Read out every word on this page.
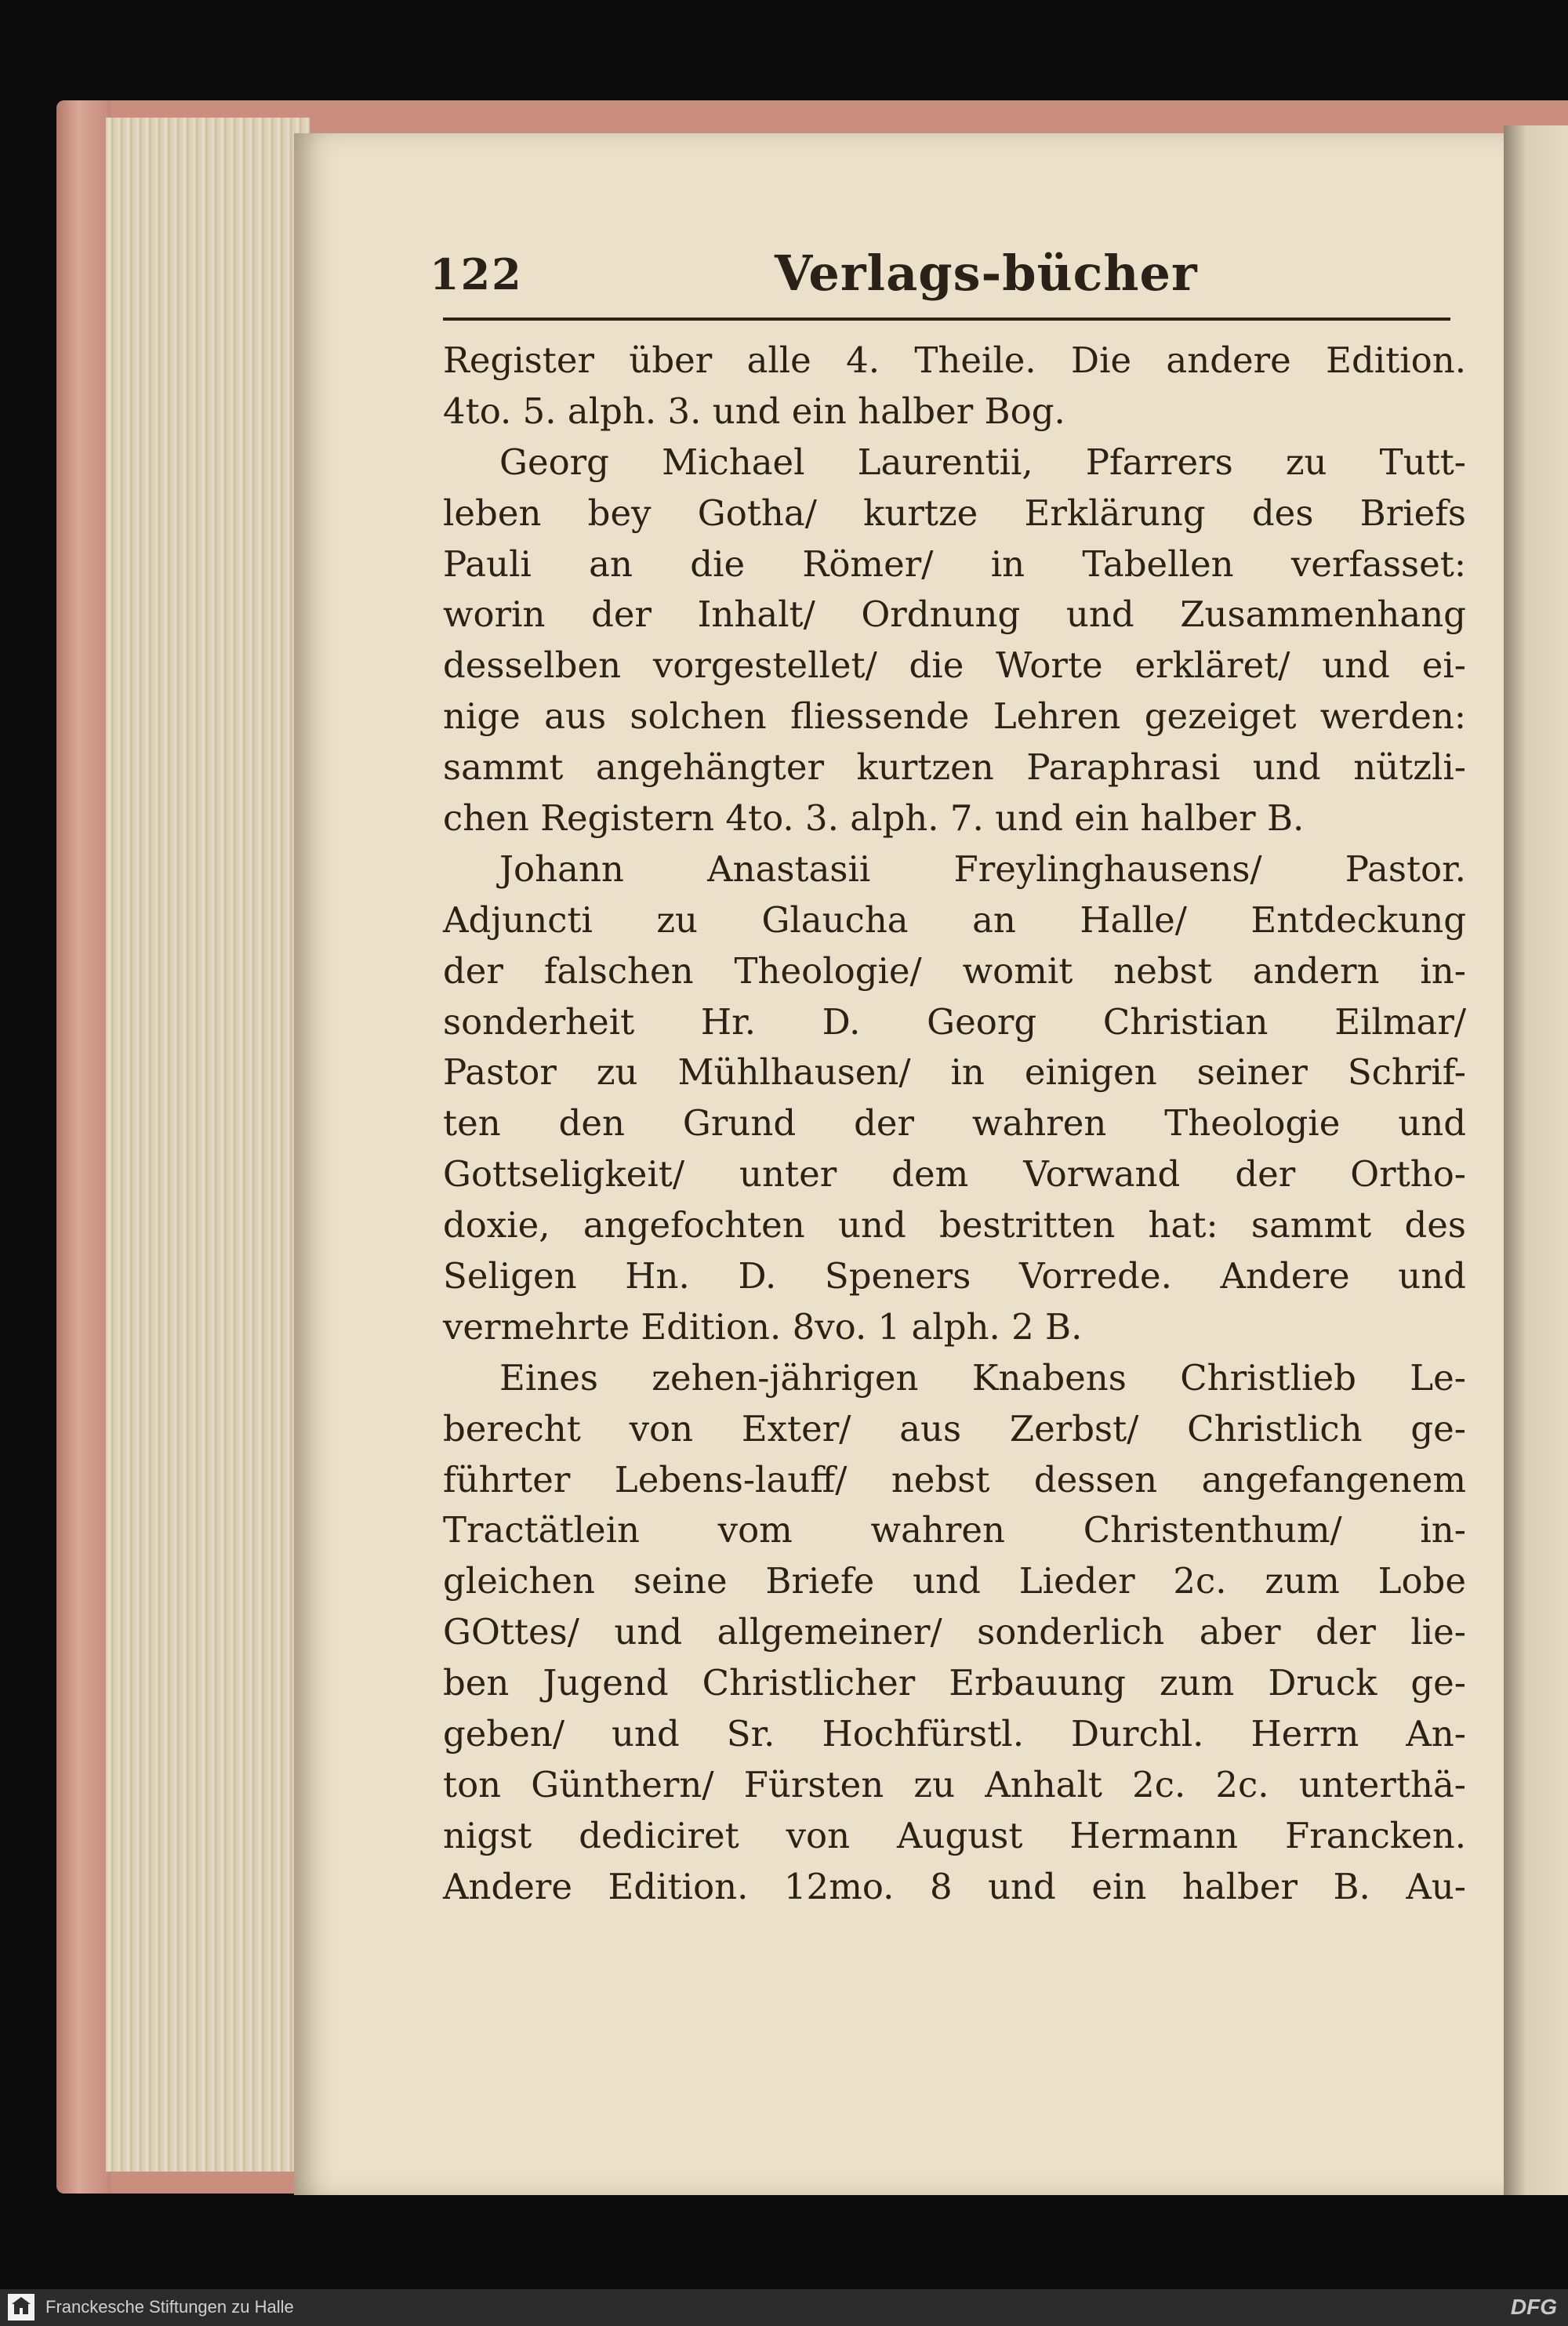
122	Verlags-bücher
Register über alle 4. Theile. Die andere Edition.
4to. 5. alph. 3. und ein halber Bog.
Georg Michael Laurentii, Pfarrers zu Tutt-
leben bey Gotha/ kurtze Erklärung des Briefs
Pauli an die Römer/ in Tabellen verfasset:
worin der Inhalt/ Ordnung und Zusammenhang
desselben vorgestellet/ die Worte erkläret/ und ei-
nige aus solchen fliessende Lehren gezeiget werden:
sammt angehängter kurtzen Paraphrasi und nützli-
chen Registern 4to. 3. alph. 7. und ein halber B.
Johann Anastasii Freylinghausens/ Pastor.
Adjuncti zu Glaucha an Halle/ Entdeckung
der falschen Theologie/ womit nebst andern in-
sonderheit Hr. D. Georg Christian Eilmar/
Pastor zu Mühlhausen/ in einigen seiner Schrif-
ten den Grund der wahren Theologie und
Gottseligkeit/ unter dem Vorwand der Ortho-
doxie, angefochten und bestritten hat: sammt des
Seligen Hn. D. Speners Vorrede. Andere und
vermehrte Edition. 8vo. 1 alph. 2 B.
Eines zehen-jährigen Knabens Christlieb Le-
berecht von Exter/ aus Zerbst/ Christlich ge-
führter Lebens-lauff/ nebst dessen angefangenem
Tractätlein vom wahren Christenthum/ in-
gleichen seine Briefe und Lieder 2c. zum Lobe
GOttes/ und allgemeiner/ sonderlich aber der lie-
ben Jugend Christlicher Erbauung zum Druck ge-
geben/ und Sr. Hochfürstl. Durchl. Herrn An-
ton Günthern/ Fürsten zu Anhalt 2c. 2c. unterthä-
nigst dediciret von August Hermann Francken.
Andere Edition. 12mo. 8 und ein halber B. Au-
Franckesche Stiftungen zu Halle	DFG
